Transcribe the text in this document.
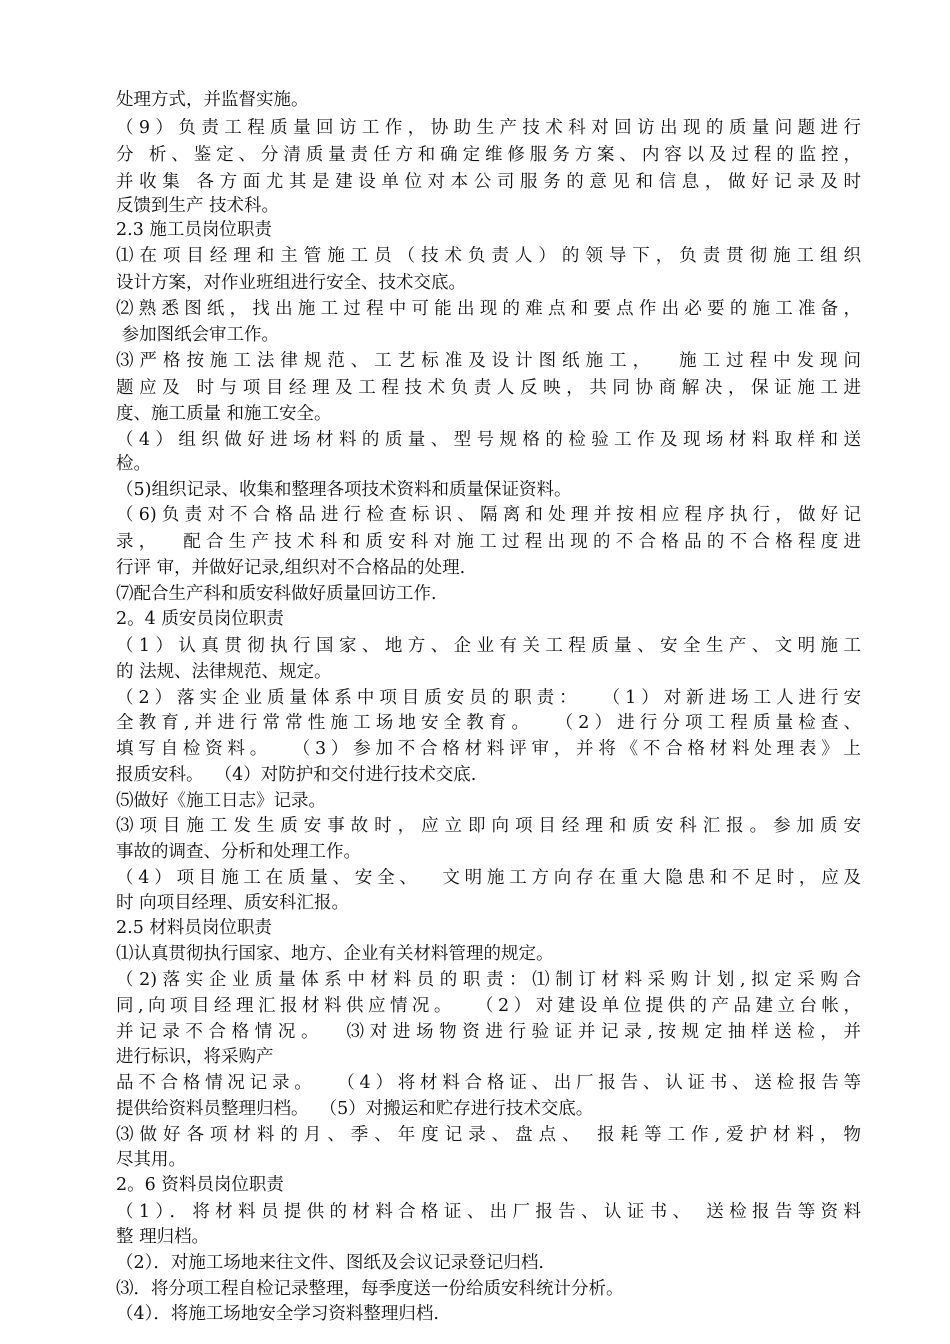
处理方式，并监督实施。
（9）负责工程质量回访工作，协助生产技术科对回访出现的质量问题进行
分 析、鉴定、分清质量责任方和确定维修服务方案、内容以及过程的监控，
并收集 各方面尤其是建设单位对本公司服务的意见和信息，做好记录及时
反馈到生产 技术科。
2.3 施工员岗位职责
⑴在项目经理和主管施工员（技术负责人）的领导下，负责贯彻施工组织
设计方案，对作业班组进行安全、技术交底。
⑵熟悉图纸，找出施工过程中可能出现的难点和要点作出必要的施工准备，
参加图纸会审工作。
⑶严格按施工法律规范、工艺标准及设计图纸施工，  施工过程中发现问
题应及 时与项目经理及工程技术负责人反映，共同协商解决，保证施工进
度、施工质量 和施工安全。
（4）组织做好进场材料的质量、型号规格的检验工作及现场材料取样和送
检。
（5)组织记录、收集和整理各项技术资料和质量保证资料。
（6)负责对不合格品进行检查标识、隔离和处理并按相应程序执行，做好记
录，  配合生产技术科和质安科对施工过程出现的不合格品的不合格程度进
行评 审，并做好记录,组织对不合格品的处理.
⑺配合生产科和质安科做好质量回访工作.
2。4 质安员岗位职责
（1）认真贯彻执行国家、地方、企业有关工程质量、安全生产、文明施工
的 法规、法律规范、规定。
（2）落实企业质量体系中项目质安员的职责：  （1）对新进场工人进行安
全教育,并进行常常性施工场地安全教育。  （2）进行分项工程质量检查、
填写自检资料。  （3）参加不合格材料评审，并将《不合格材料处理表》上
报质安科。  （4）对防护和交付进行技术交底.
⑸做好《施工日志》记录。
⑶项目施工发生质安事故时，应立即向项目经理和质安科汇报。参加质安
事故的调查、分析和处理工作。
（4）项目施工在质量、安全、  文明施工方向存在重大隐患和不足时，应及
时 向项目经理、质安科汇报。
2.5 材料员岗位职责
⑴认真贯彻执行国家、地方、企业有关材料管理的规定。
（2)落实企业质量体系中材料员的职责：⑴制订材料采购计划,拟定采购合
同,向项目经理汇报材料供应情况。  （2）对建设单位提供的产品建立台帐，
并记录不合格情况。  ⑶对进场物资进行验证并记录,按规定抽样送检，并
进行标识，将采购产
品不合格情况记录。  （4）将材料合格证、出厂报告、认证书、送检报告等
提供给资料员整理归档。  （5）对搬运和贮存进行技术交底。
⑶做好各项材料的月、季、年度记录、盘点、 报耗等工作,爱护材料，物
尽其用。
2。6 资料员岗位职责
（1）．将材料员提供的材料合格证、出厂报告、认证书、 送检报告等资料
整 理归档。
（2）．对施工场地来往文件、图纸及会议记录登记归档.
⑶．将分项工程自检记录整理，每季度送一份给质安科统计分析。
（4）．将施工场地安全学习资料整理归档.
